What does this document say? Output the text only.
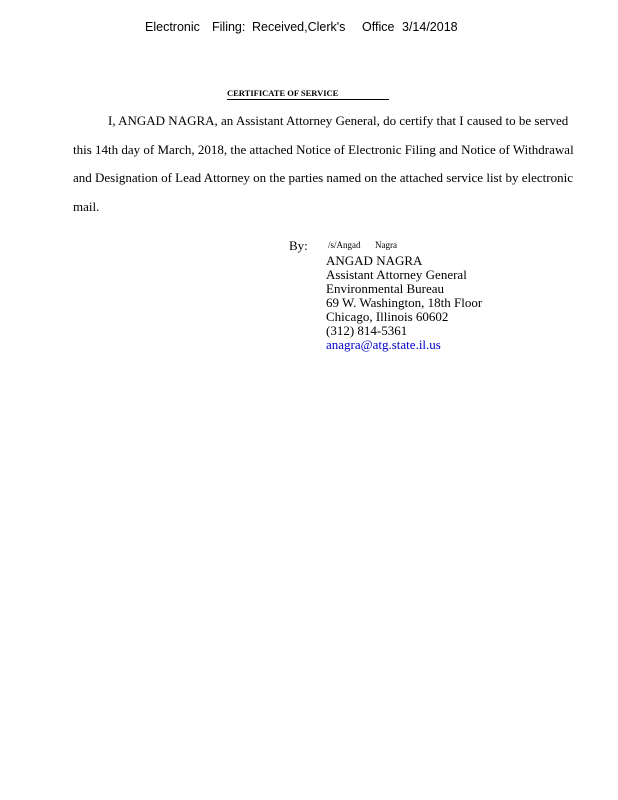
Electronic Filing: Received,Clerk's Office 3/14/2018
CERTIFICATE OF SERVICE
I, ANGAD NAGRA, an Assistant Attorney General, do certify that I caused to be served
this 14th day of March, 2018, the attached Notice of Electronic Filing and Notice of Withdrawal
and Designation of Lead Attorney on the parties named on the attached service list by electronic
mail.
By: /s/Angad Nagra
ANGAD NAGRA
Assistant Attorney General
Environmental Bureau
69 W. Washington, 18th Floor
Chicago, Illinois 60602
(312) 814-5361
anagra@atg.state.il.us
